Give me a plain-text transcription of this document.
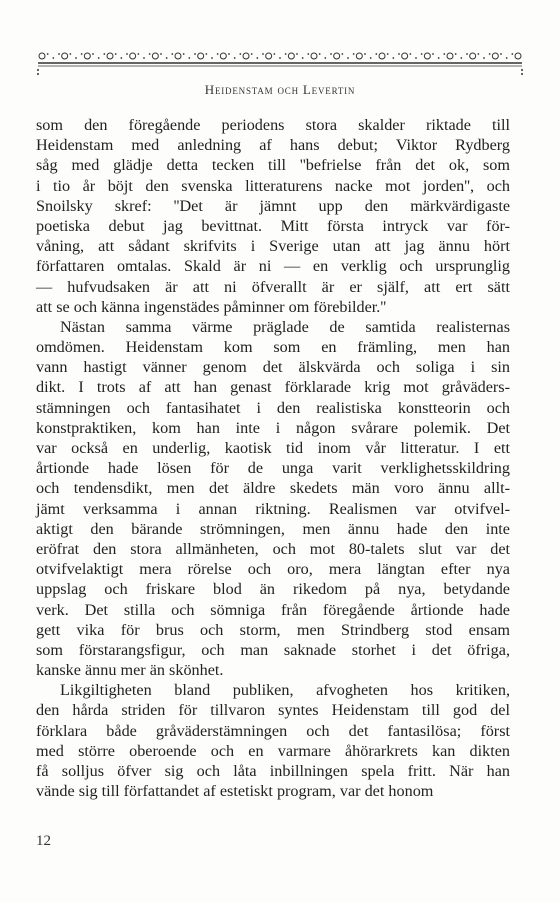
Heidenstam och Levertin
som den föregående periodens stora skalder riktade till
Heidenstam med anledning af hans debut; Viktor Rydberg
såg med glädje detta tecken till ''befrielse från det ok, som
i tio år böjt den svenska litteraturens nacke mot jorden'', och
Snoilsky skref: ''Det är jämnt upp den märkvärdigaste
poetiska debut jag bevittnat. Mitt första intryck var för-
våning, att sådant skrifvits i Sverige utan att jag ännu hört
författaren omtalas. Skald är ni — en verklig och ursprunglig
— hufvudsaken är att ni öfverallt är er själf, att ert sätt
att se och känna ingenstädes påminner om förebilder.''
Nästan samma värme präglade de samtida realisternas
omdömen. Heidenstam kom som en främling, men han
vann hastigt vänner genom det älskvärda och soliga i sin
dikt. I trots af att han genast förklarade krig mot gråväders-
stämningen och fantasihatet i den realistiska konstteorin och
konstpraktiken, kom han inte i någon svårare polemik. Det
var också en underlig, kaotisk tid inom vår litteratur. I ett
årtionde hade lösen för de unga varit verklighetsskildring
och tendensdikt, men det äldre skedets män voro ännu allt-
jämt verksamma i annan riktning. Realismen var otvifvel-
aktigt den bärande strömningen, men ännu hade den inte
eröfrat den stora allmänheten, och mot 80-talets slut var det
otvifvelaktigt mera rörelse och oro, mera längtan efter nya
uppslag och friskare blod än rikedom på nya, betydande
verk. Det stilla och sömniga från föregående årtionde hade
gett vika för brus och storm, men Strindberg stod ensam
som förstarangsfigur, och man saknade storhet i det öfriga,
kanske ännu mer än skönhet.
Likgiltigheten bland publiken, afvogheten hos kritiken,
den hårda striden för tillvaron syntes Heidenstam till god del
förklara både gråväderstämningen och det fantasilösa; först
med större oberoende och en varmare åhörarkrets kan dikten
få solljus öfver sig och låta inbillningen spela fritt. När han
vände sig till författandet af estetiskt program, var det honom
12
